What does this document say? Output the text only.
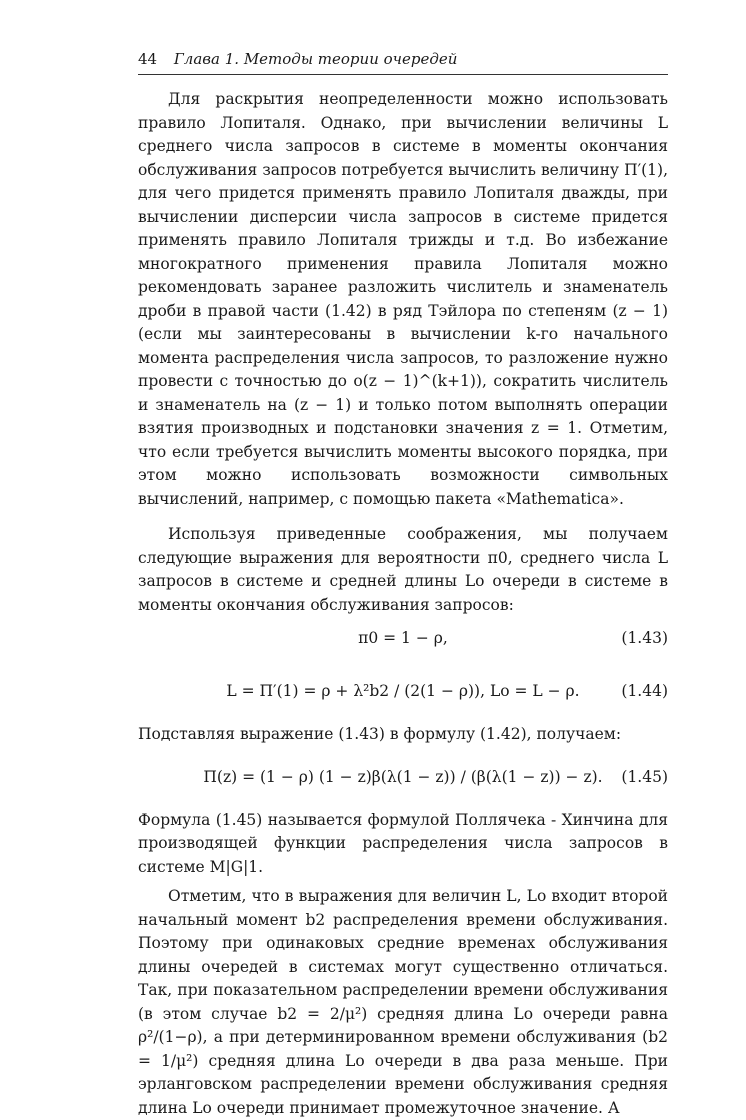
44 Глава 1. Методы теории очередей

Для раскрытия неопределенности можно использовать правило Лопиталя. Однако, при вычислении величины L среднего числа запросов в системе в моменты окончания обслуживания запросов потребуется вычислить величину Π′(1), для чего придется применять правило Лопиталя дважды, при вычислении дисперсии числа запросов в системе придется применять правило Лопиталя трижды и т.д. Во избежание многократного применения правила Лопиталя можно рекомендовать заранее разложить числитель и знаменатель дроби в правой части (1.42) в ряд Тэйлора по степеням (z − 1) (если мы заинтересованы в вычислении k-го начального момента распределения числа запросов, то разложение нужно провести с точностью до o(z − 1)^(k+1)), сократить числитель и знаменатель на (z − 1) и только потом выполнять операции взятия производных и подстановки значения z = 1. Отметим, что если требуется вычислить моменты высокого порядка, при этом можно использовать возможности символьных вычислений, например, с помощью пакета «Mathematica».

Используя приведенные соображения, мы получаем следующие выражения для вероятности π0, среднего числа L запросов в системе и средней длины Lo очереди в системе в моменты окончания обслуживания запросов:

π0 = 1 − ρ,	(1.43)
L = Π′(1) = ρ + λ²b2 / (2(1 − ρ)), Lo = L − ρ.	(1.44)

Подставляя выражение (1.43) в формулу (1.42), получаем:

Π(z) = (1 − ρ) (1 − z)β(λ(1 − z)) / (β(λ(1 − z)) − z). (1.45)

Формула (1.45) называется формулой Поллячека - Хинчина для производящей функции распределения числа запросов в системе M|G|1.

Отметим, что в выражения для величин L, Lo входит второй начальный момент b2 распределения времени обслуживания. Поэтому при одинаковых средние временах обслуживания длины очередей в системах могут существенно отличаться. Так, при показательном распределении времени обслуживания (в этом случае b2 = 2/μ²) средняя длина Lo очереди равна ρ²/(1−ρ), а при детерминированном времени обслуживания (b2 = 1/μ²) средняя длина Lo очереди в два раза меньше. При эрланговском распределении времени обслуживания средняя длина Lo очереди принимает промежуточное значение. А
